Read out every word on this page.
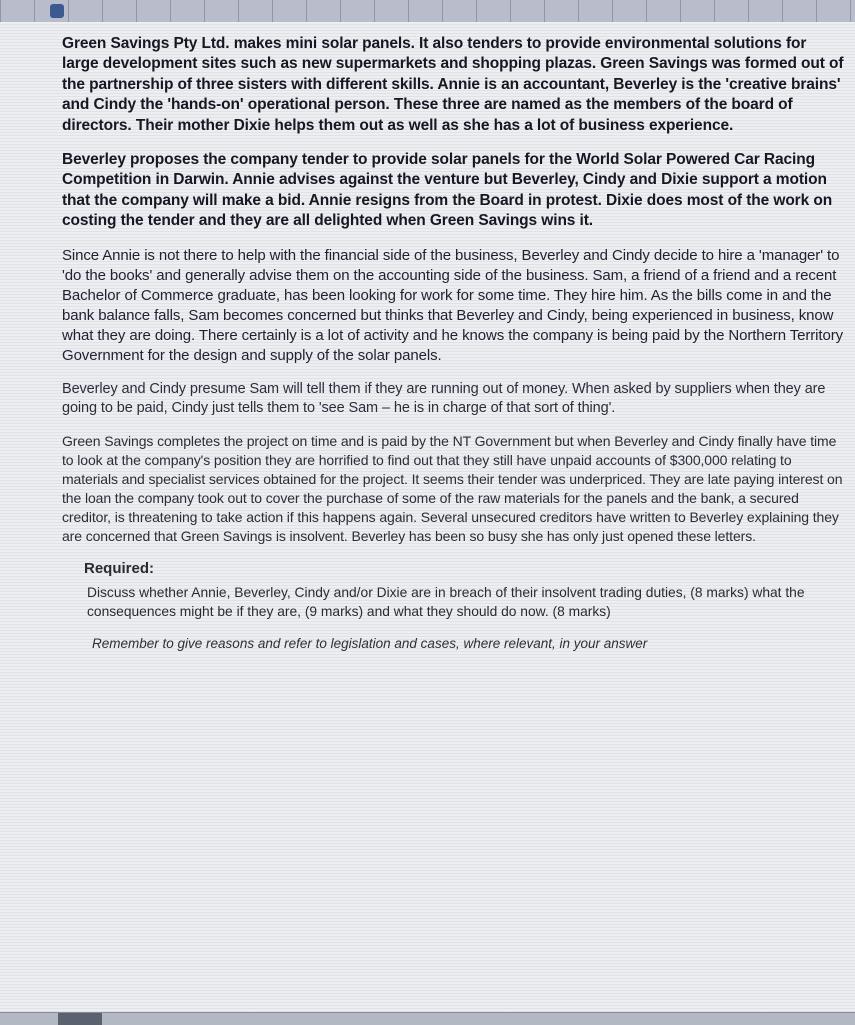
Green Savings Pty Ltd. makes mini solar panels. It also tenders to provide environmental solutions for large development sites such as new supermarkets and shopping plazas. Green Savings was formed out of the partnership of three sisters with different skills. Annie is an accountant, Beverley is the 'creative brains' and Cindy the 'hands-on' operational person. These three are named as the members of the board of directors. Their mother Dixie helps them out as well as she has a lot of business experience.

Beverley proposes the company tender to provide solar panels for the World Solar Powered Car Racing Competition in Darwin. Annie advises against the venture but Beverley, Cindy and Dixie support a motion that the company will make a bid. Annie resigns from the Board in protest. Dixie does most of the work on costing the tender and they are all delighted when Green Savings wins it.

Since Annie is not there to help with the financial side of the business, Beverley and Cindy decide to hire a 'manager' to 'do the books' and generally advise them on the accounting side of the business. Sam, a friend of a friend and a recent Bachelor of Commerce graduate, has been looking for work for some time. They hire him. As the bills come in and the bank balance falls, Sam becomes concerned but thinks that Beverley and Cindy, being experienced in business, know what they are doing. There certainly is a lot of activity and he knows the company is being paid by the Northern Territory Government for the design and supply of the solar panels.

Beverley and Cindy presume Sam will tell them if they are running out of money. When asked by suppliers when they are going to be paid, Cindy just tells them to 'see Sam – he is in charge of that sort of thing'.

Green Savings completes the project on time and is paid by the NT Government but when Beverley and Cindy finally have time to look at the company's position they are horrified to find out that they still have unpaid accounts of $300,000 relating to materials and specialist services obtained for the project. It seems their tender was underpriced. They are late paying interest on the loan the company took out to cover the purchase of some of the raw materials for the panels and the bank, a secured creditor, is threatening to take action if this happens again. Several unsecured creditors have written to Beverley explaining they are concerned that Green Savings is insolvent. Beverley has been so busy she has only just opened these letters.

Required:

Discuss whether Annie, Beverley, Cindy and/or Dixie are in breach of their insolvent trading duties, (8 marks) what the consequences might be if they are, (9 marks) and what they should do now. (8 marks)

Remember to give reasons and refer to legislation and cases, where relevant, in your answer
